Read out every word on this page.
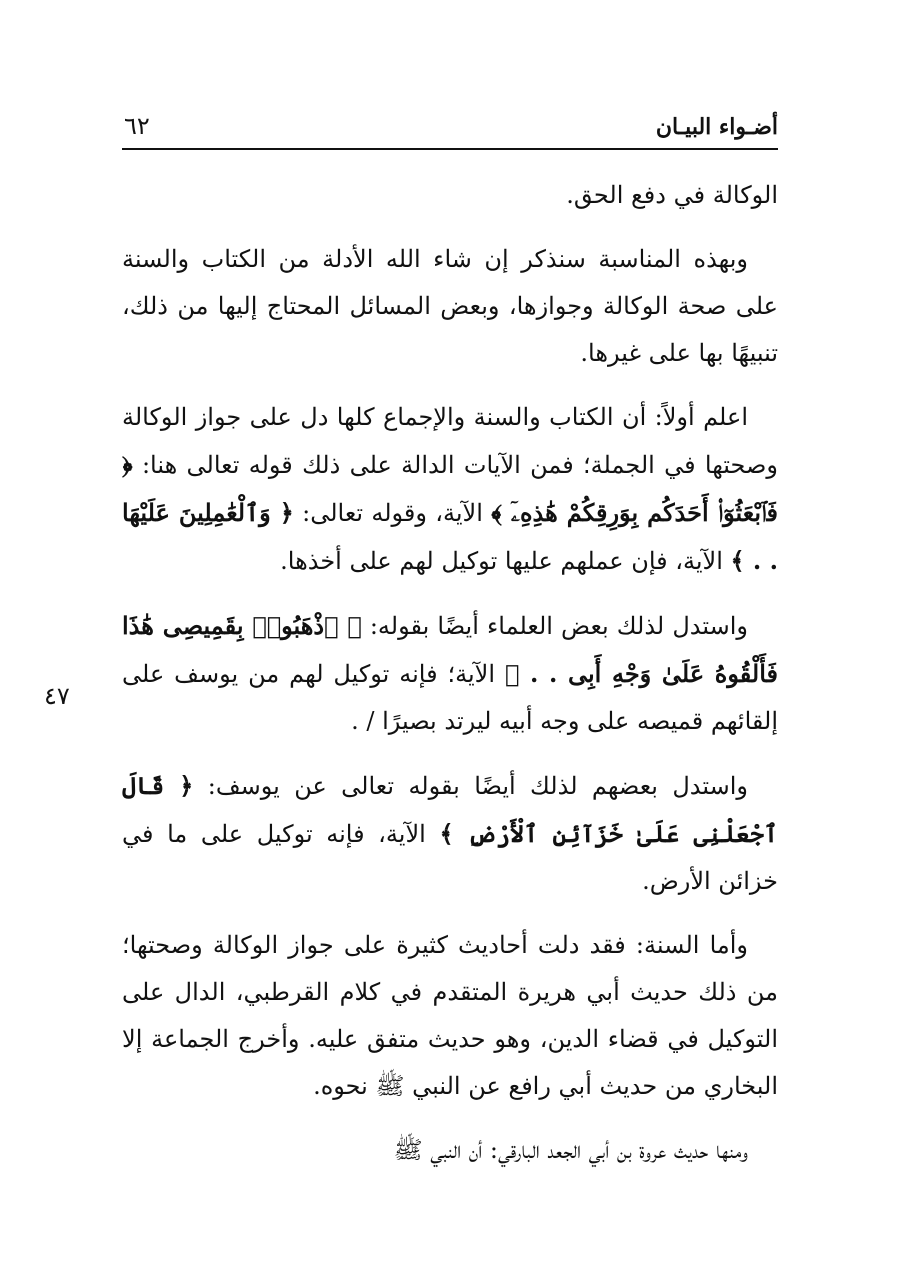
أضـواء البيـان
٦٢
٤٧

الوكالة في دفع الحق.

وبهذه المناسبة سنذكر إن شاء الله الأدلة من الكتاب والسنة على صحة الوكالة وجوازها، وبعض المسائل المحتاج إليها من ذلك، تنبيهًا بها على غيرها.

اعلم أولاً: أن الكتاب والسنة والإجماع كلها دل على جواز الوكالة وصحتها في الجملة؛ فمن الآيات الدالة على ذلك قوله تعالى هنا: ﴿ فَٱبْعَثُوٓا۟ أَحَدَكُم بِوَرِقِكُمْ هَٰذِهِۦٓ ﴾ الآية، وقوله تعالى: ﴿ وَٱلْعَٰمِلِينَ عَلَيْهَا . . ﴾ الآية، فإن عملهم عليها توكيل لهم على أخذها.

واستدل لذلك بعض العلماء أيضًا بقوله: ﴿ ٱذْهَبُوا۟ بِقَمِيصِى هَٰذَا فَأَلْقُوهُ عَلَىٰ وَجْهِ أَبِى . . ﴾ الآية؛ فإنه توكيل لهم من يوسف على إلقائهم قميصه على وجه أبيه ليرتد بصيرًا / .

واستدل بعضهم لذلك أيضًا بقوله تعالى عن يوسف: ﴿ قَالَ ٱجْعَلْنِى عَلَىٰ خَزَآئِنِ ٱلْأَرْضِ ﴾ الآية، فإنه توكيل على ما في خزائن الأرض.

وأما السنة: فقد دلت أحاديث كثيرة على جواز الوكالة وصحتها؛ من ذلك حديث أبي هريرة المتقدم في كلام القرطبي، الدال على التوكيل في قضاء الدين، وهو حديث متفق عليه. وأخرج الجماعة إلا البخاري من حديث أبي رافع عن النبي ﷺ نحوه.

ومنها حديث عروة بن أبي الجعد البارقي: أن النبي ﷺ
